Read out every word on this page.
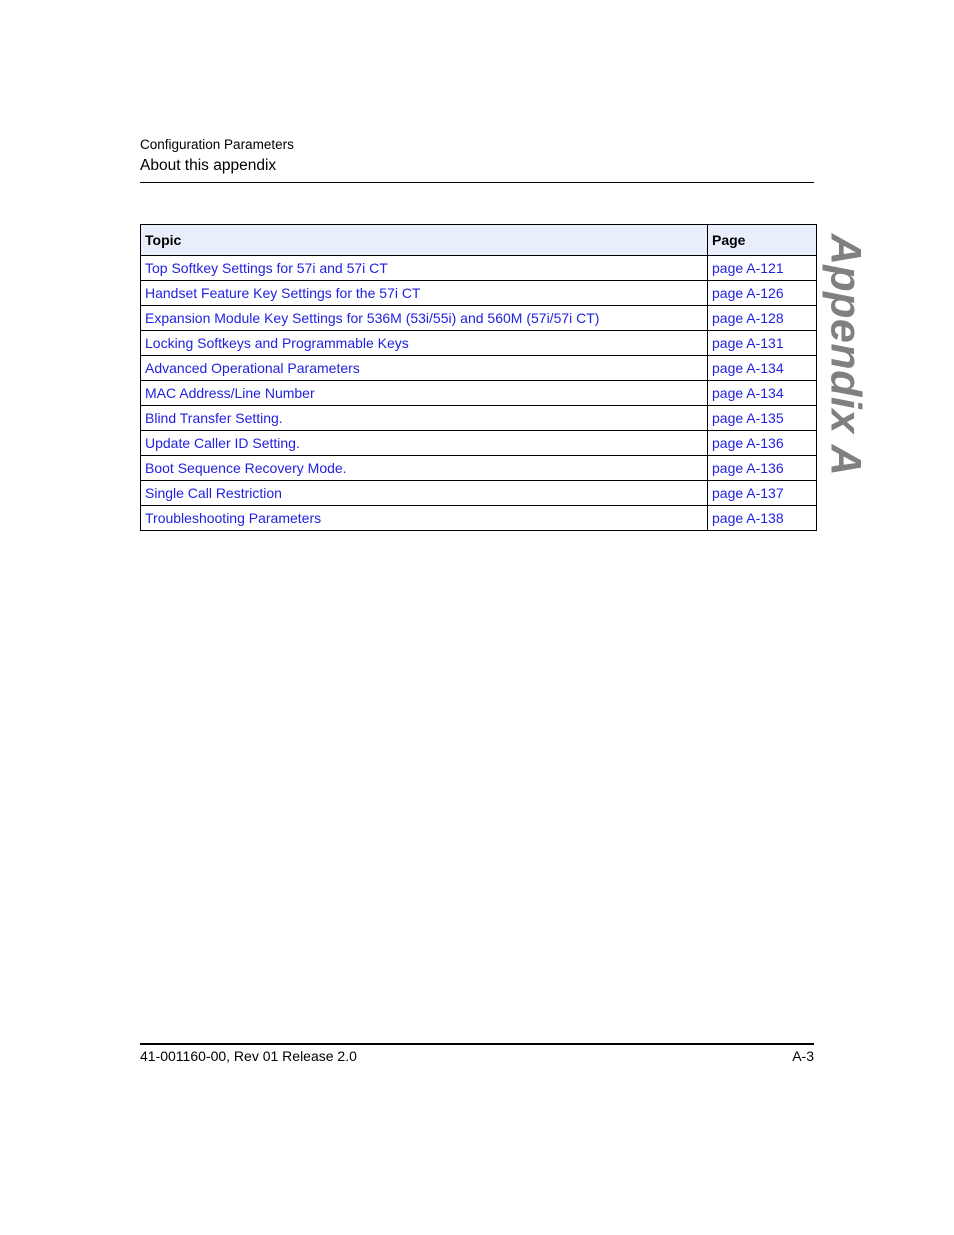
Configuration Parameters
About this appendix
Topic	Page
Top Softkey Settings for 57i and 57i CT	page A-121
Handset Feature Key Settings for the 57i CT	page A-126
Expansion Module Key Settings for 536M (53i/55i) and 560M (57i/57i CT)	page A-128
Locking Softkeys and Programmable Keys	page A-131
Advanced Operational Parameters	page A-134
MAC Address/Line Number	page A-134
Blind Transfer Setting.	page A-135
Update Caller ID Setting.	page A-136
Boot Sequence Recovery Mode.	page A-136
Single Call Restriction	page A-137
Troubleshooting Parameters	page A-138
Appendix A
41-001160-00, Rev 01 Release 2.0	A-3
